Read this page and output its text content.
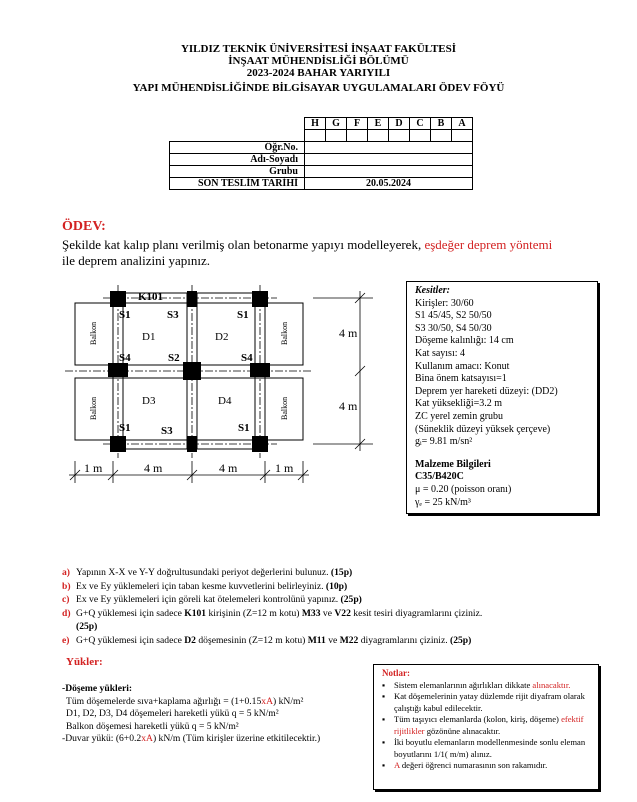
YILDIZ TEKNİK ÜNİVERSİTESİ İNŞAAT FAKÜLTESİ
İNŞAAT MÜHENDİSLİĞİ BÖLÜMÜ
2023-2024 BAHAR YARIYILI
YAPI MÜHENDİSLİĞİNDE BİLGİSAYAR UYGULAMALARI ÖDEV FÖYÜ
	H	G	F	E	D	C	B	A

Öğr.No.								
Adı-Soyadı								
Grubu								
SON TESLİM TARİHİ	20.05.2024							
ÖDEV:
Şekilde kat kalıp planı verilmiş olan betonarme yapıyı modelleyerek, eşdeğer deprem yöntemi
ile deprem analizini yapınız.
K101
S1	S3	S1
S4	S2	S4
S1	S3	S1
D1	D2
D3	D4
Balkon
Balkon
Balkon
Balkon
4 m
4 m
1 m	4 m	4 m	1 m
Kesitler:
Kirişler: 30/60
S1 45/45, S2 50/50
S3 30/50, S4 50/30
Döşeme kalınlığı: 14 cm
Kat sayısı: 4
Kullanım amacı: Konut
Bina önem katsayısı=1
Deprem yer hareketi düzeyi: (DD2)
Kat yüksekliği=3.2 m
ZC yerel zemin grubu
(Süneklik düzeyi yüksek çerçeve)
gᵢ= 9.81 m/sn²
Malzeme Bilgileri
C35/B420C
μ = 0.20 (poisson oranı)
γₑ = 25 kN/m³
a) Yapının X-X ve Y-Y doğrultusundaki periyot değerlerini bulunuz. (15p)
b) Ex ve Ey yüklemeleri için taban kesme kuvvetlerini belirleyiniz. (10p)
c) Ex ve Ey yüklemeleri için göreli kat ötelemeleri kontrolünü yapınız. (25p)
d) G+Q yüklemesi için sadece K101 kirişinin (Z=12 m kotu) M33 ve V22 kesit tesiri diyagramlarını çiziniz.
(25p)
e) G+Q yüklemesi için sadece D2 döşemesinin (Z=12 m kotu) M11 ve M22 diyagramlarını çiziniz. (25p)
Yükler:
-Döşeme yükleri:
Tüm döşemelerde sıva+kaplama ağırlığı = (1+0.15xA) kN/m²
D1, D2, D3, D4 döşemeleri hareketli yükü q = 5 kN/m²
Balkon döşemesi hareketli yükü q = 5 kN/m²
-Duvar yükü: (6+0.2xA) kN/m (Tüm kirişler üzerine etkitilecektir.)
Notlar:
▪ Sistem elemanlarının ağırlıkları dikkate alınacaktır.
▪ Kat döşemelerinin yatay düzlemde rijit diyafram olarak çalıştığı kabul edilecektir.
▪ Tüm taşıyıcı elemanlarda (kolon, kiriş, döşeme) efektif rijitlikler gözönüne alınacaktır.
▪ İki boyutlu elemanların modellenmesinde sonlu eleman boyutlarını 1/1( m/m) alınız.
▪ A değeri öğrenci numarasının son rakamıdır.
